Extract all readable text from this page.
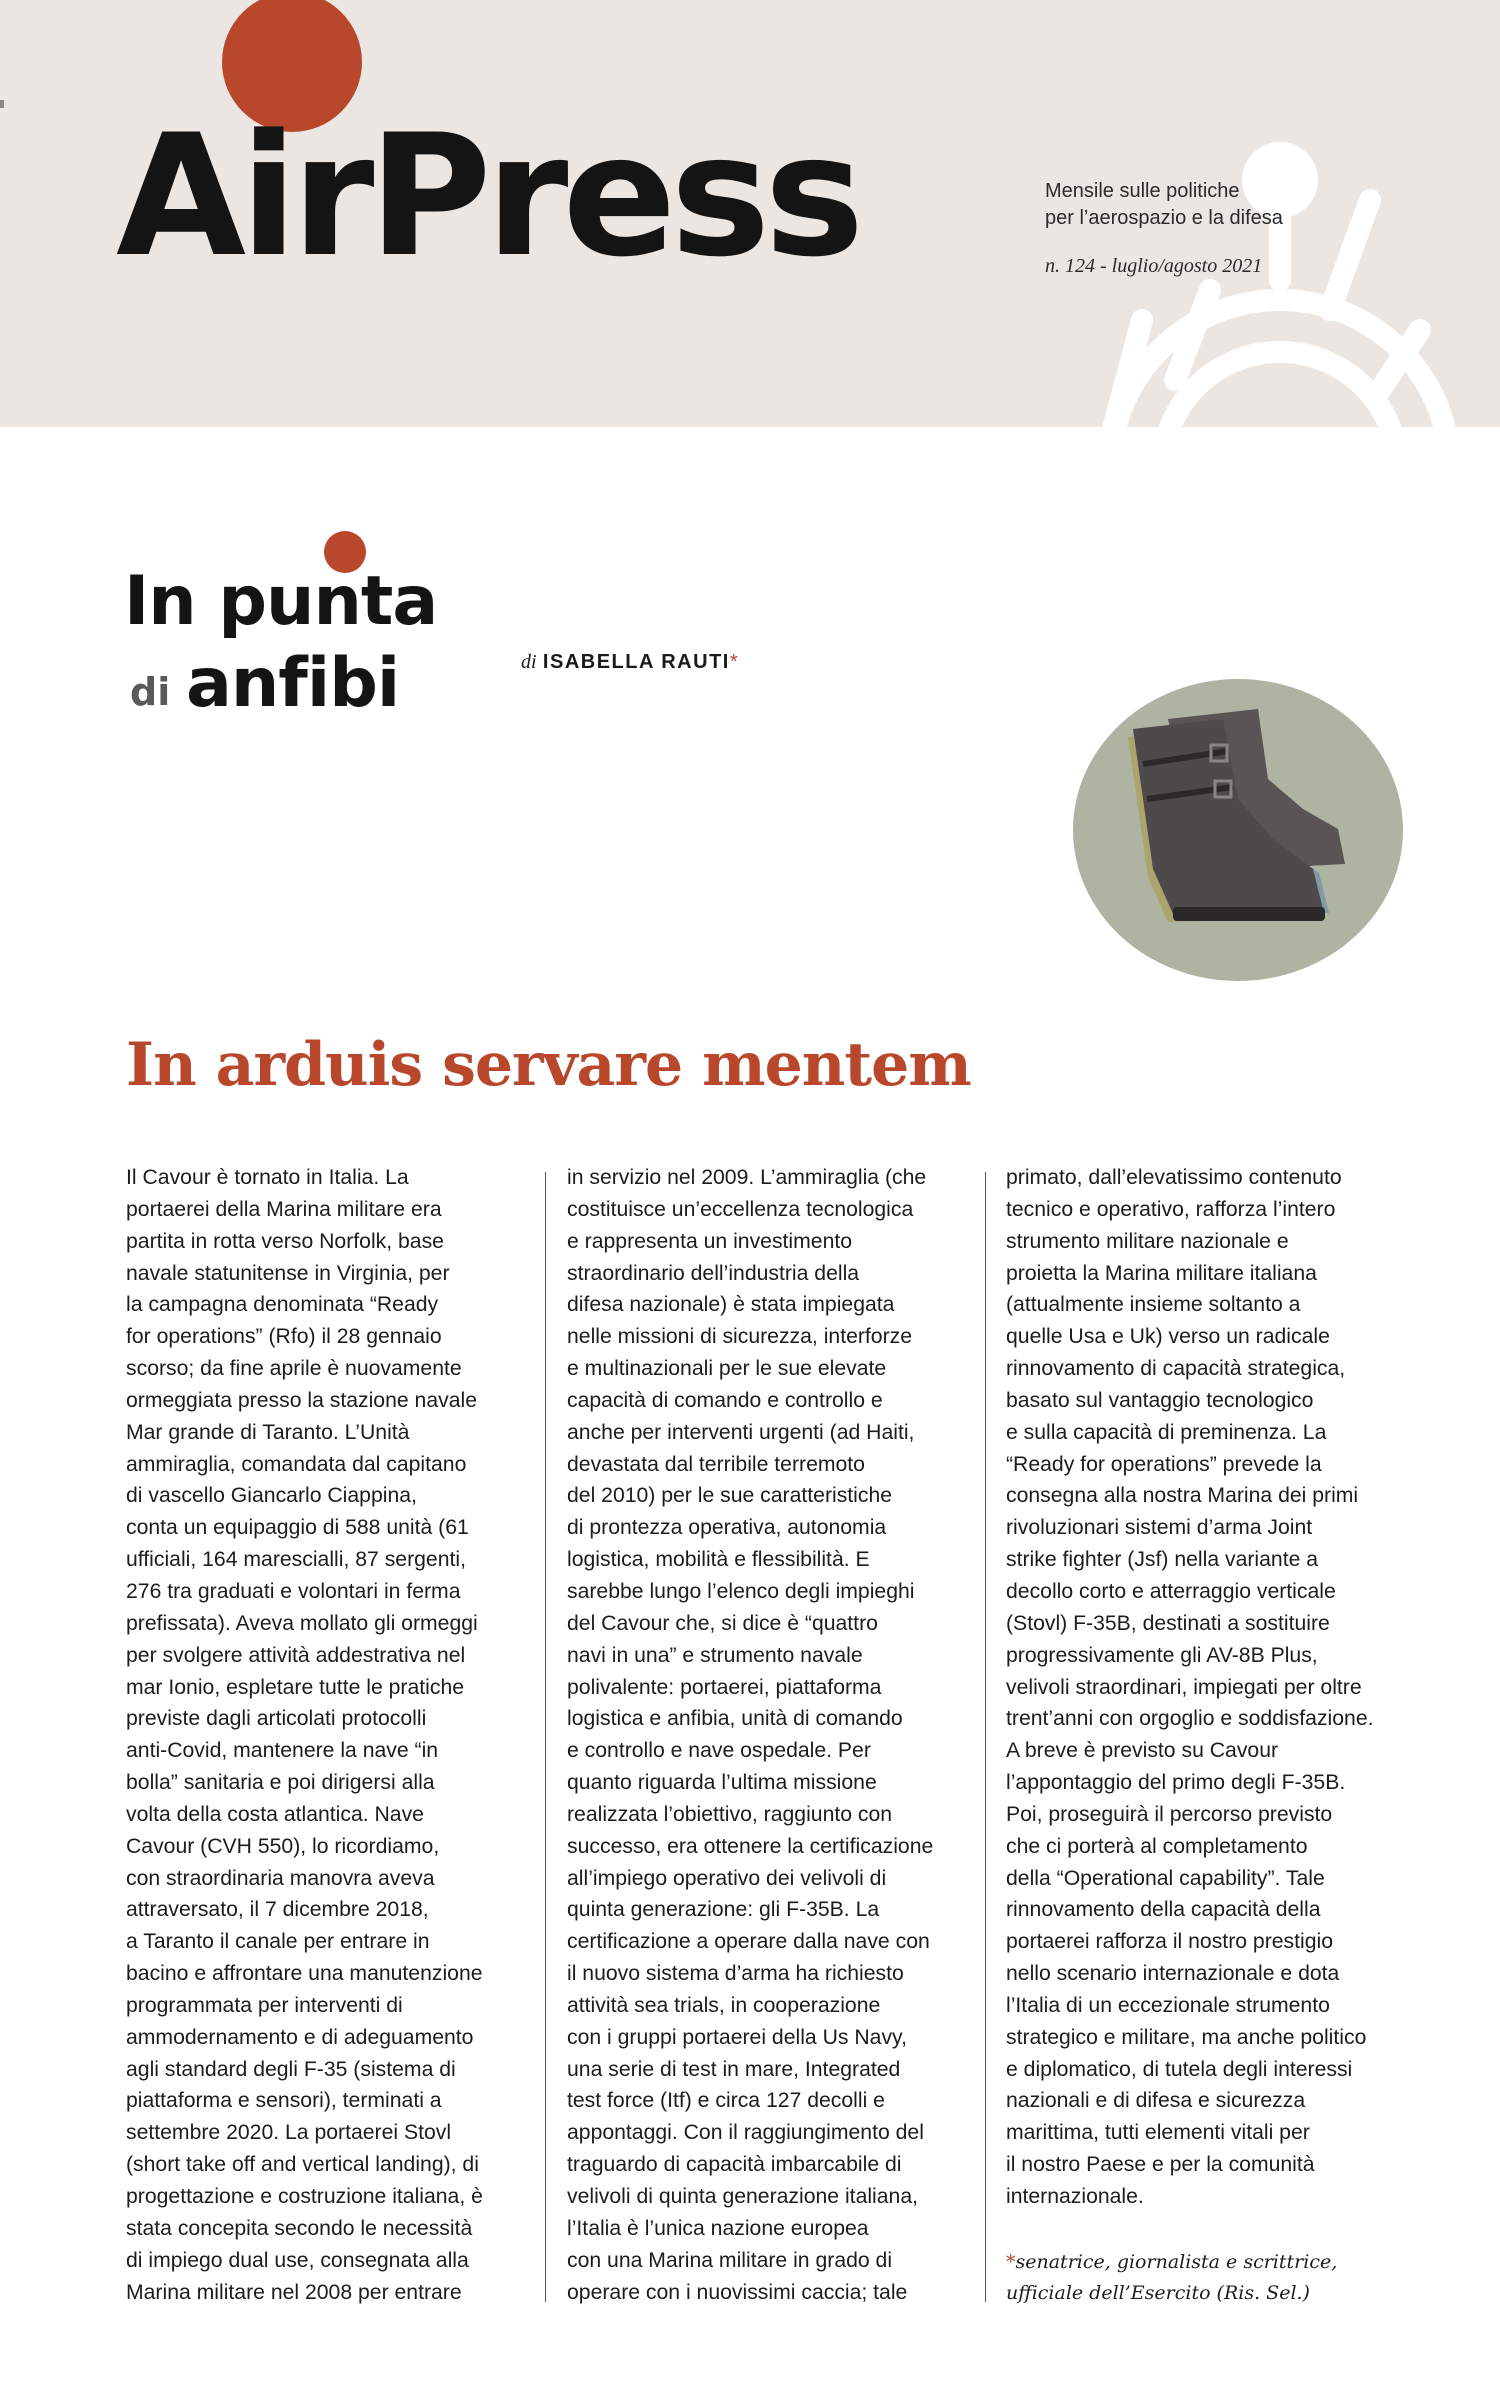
AirPress	Mensile sulle politiche
per l’aerospazio e la difesa
n. 124 - luglio/agosto 2021
In punta
di anfibi	di ISABELLA RAUTI*
In arduis servare mentem
Il Cavour è tornato in Italia. La
portaerei della Marina militare era
partita in rotta verso Norfolk, base
navale statunitense in Virginia, per
la campagna denominata “Ready
for operations” (Rfo) il 28 gennaio
scorso; da fine aprile è nuovamente
ormeggiata presso la stazione navale
Mar grande di Taranto. L’Unità
ammiraglia, comandata dal capitano
di vascello Giancarlo Ciappina,
conta un equipaggio di 588 unità (61
ufficiali, 164 marescialli, 87 sergenti,
276 tra graduati e volontari in ferma
prefissata). Aveva mollato gli ormeggi
per svolgere attività addestrativa nel
mar Ionio, espletare tutte le pratiche
previste dagli articolati protocolli
anti-Covid, mantenere la nave “in
bolla” sanitaria e poi dirigersi alla
volta della costa atlantica. Nave
Cavour (CVH 550), lo ricordiamo,
con straordinaria manovra aveva
attraversato, il 7 dicembre 2018,
a Taranto il canale per entrare in
bacino e affrontare una manutenzione
programmata per interventi di
ammodernamento e di adeguamento
agli standard degli F-35 (sistema di
piattaforma e sensori), terminati a
settembre 2020. La portaerei Stovl
(short take off and vertical landing), di
progettazione e costruzione italiana, è
stata concepita secondo le necessità
di impiego dual use, consegnata alla
Marina militare nel 2008 per entrare
in servizio nel 2009. L’ammiraglia (che
costituisce un’eccellenza tecnologica
e rappresenta un investimento
straordinario dell’industria della
difesa nazionale) è stata impiegata
nelle missioni di sicurezza, interforze
e multinazionali per le sue elevate
capacità di comando e controllo e
anche per interventi urgenti (ad Haiti,
devastata dal terribile terremoto
del 2010) per le sue caratteristiche
di prontezza operativa, autonomia
logistica, mobilità e flessibilità. E
sarebbe lungo l’elenco degli impieghi
del Cavour che, si dice è “quattro
navi in una” e strumento navale
polivalente: portaerei, piattaforma
logistica e anfibia, unità di comando
e controllo e nave ospedale. Per
quanto riguarda l’ultima missione
realizzata l’obiettivo, raggiunto con
successo, era ottenere la certificazione
all’impiego operativo dei velivoli di
quinta generazione: gli F-35B. La
certificazione a operare dalla nave con
il nuovo sistema d’arma ha richiesto
attività sea trials, in cooperazione
con i gruppi portaerei della Us Navy,
una serie di test in mare, Integrated
test force (Itf) e circa 127 decolli e
appontaggi. Con il raggiungimento del
traguardo di capacità imbarcabile di
velivoli di quinta generazione italiana,
l’Italia è l’unica nazione europea
con una Marina militare in grado di
operare con i nuovissimi caccia; tale
primato, dall’elevatissimo contenuto
tecnico e operativo, rafforza l’intero
strumento militare nazionale e
proietta la Marina militare italiana
(attualmente insieme soltanto a
quelle Usa e Uk) verso un radicale
rinnovamento di capacità strategica,
basato sul vantaggio tecnologico
e sulla capacità di preminenza. La
“Ready for operations” prevede la
consegna alla nostra Marina dei primi
rivoluzionari sistemi d’arma Joint
strike fighter (Jsf) nella variante a
decollo corto e atterraggio verticale
(Stovl) F-35B, destinati a sostituire
progressivamente gli AV-8B Plus,
velivoli straordinari, impiegati per oltre
trent’anni con orgoglio e soddisfazione.
A breve è previsto su Cavour
l’appontaggio del primo degli F-35B.
Poi, proseguirà il percorso previsto
che ci porterà al completamento
della “Operational capability”. Tale
rinnovamento della capacità della
portaerei rafforza il nostro prestigio
nello scenario internazionale e dota
l’Italia di un eccezionale strumento
strategico e militare, ma anche politico
e diplomatico, di tutela degli interessi
nazionali e di difesa e sicurezza
marittima, tutti elementi vitali per
il nostro Paese e per la comunità
internazionale.
*senatrice, giornalista e scrittrice,
ufficiale dell’Esercito (Ris. Sel.)
